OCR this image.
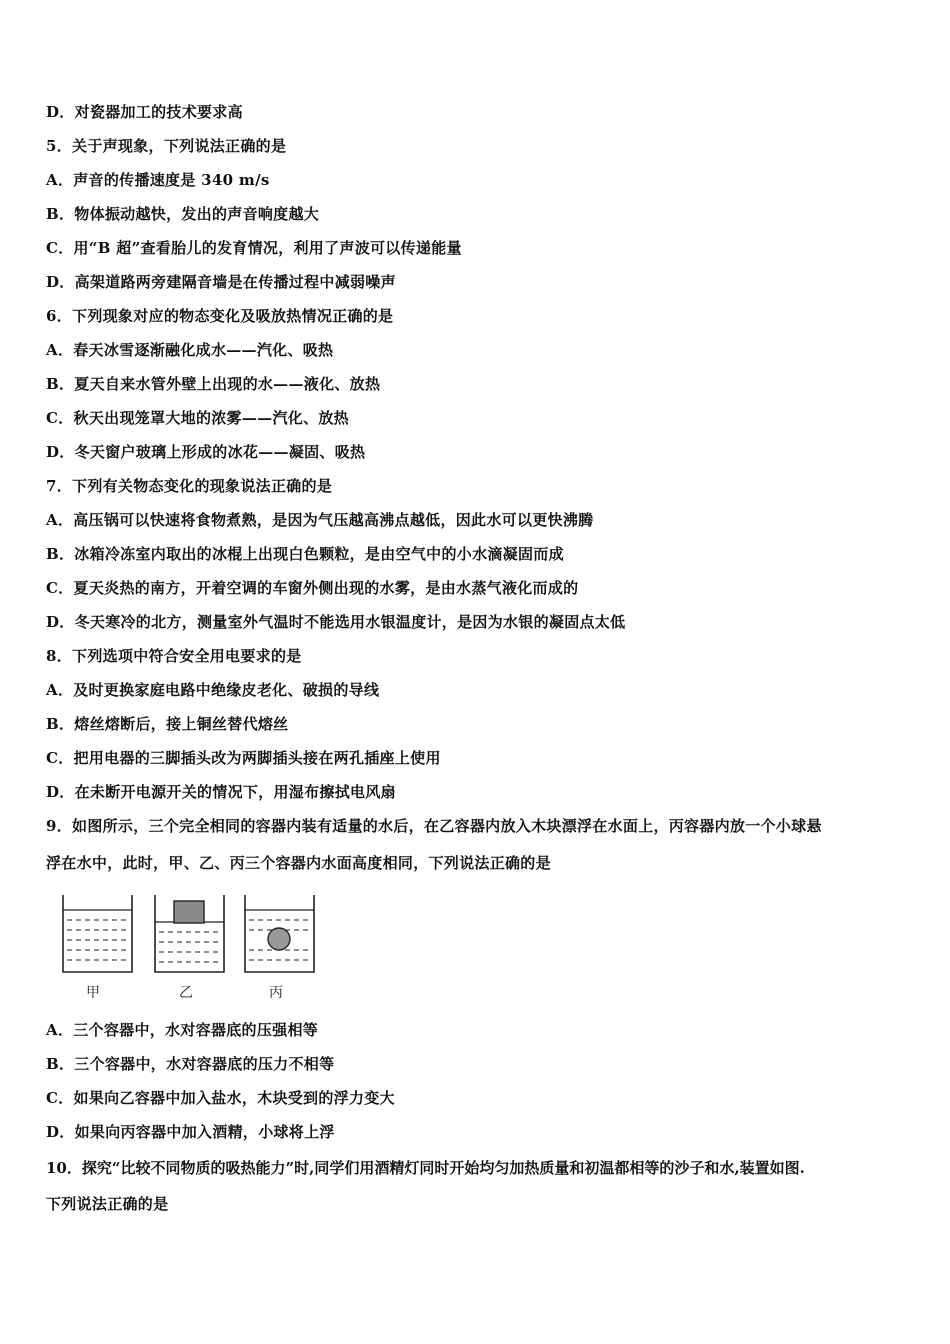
D．对瓷器加工的技术要求高
5．关于声现象，下列说法正确的是
A．声音的传播速度是 340 m/s
B．物体振动越快，发出的声音响度越大
C．用“B 超”查看胎儿的发育情况，利用了声波可以传递能量
D．高架道路两旁建隔音墙是在传播过程中减弱噪声
6．下列现象对应的物态变化及吸放热情况正确的是
A．春天冰雪逐渐融化成水——汽化、吸热
B．夏天自来水管外壁上出现的水——液化、放热
C．秋天出现笼罩大地的浓雾——汽化、放热
D．冬天窗户玻璃上形成的冰花——凝固、吸热
7．下列有关物态变化的现象说法正确的是
A．高压锅可以快速将食物煮熟，是因为气压越高沸点越低，因此水可以更快沸腾
B．冰箱冷冻室内取出的冰棍上出现白色颗粒，是由空气中的小水滴凝固而成
C．夏天炎热的南方，开着空调的车窗外侧出现的水雾，是由水蒸气液化而成的
D．冬天寒冷的北方，测量室外气温时不能选用水银温度计，是因为水银的凝固点太低
8．下列选项中符合安全用电要求的是
A．及时更换家庭电路中绝缘皮老化、破损的导线
B．熔丝熔断后，接上铜丝替代熔丝
C．把用电器的三脚插头改为两脚插头接在两孔插座上使用
D．在未断开电源开关的情况下，用湿布擦拭电风扇
9．如图所示，三个完全相同的容器内装有适量的水后，在乙容器内放入木块漂浮在水面上，丙容器内放一个小球悬
浮在水中，此时，甲、乙、丙三个容器内水面高度相同，下列说法正确的是
甲	乙	丙
A．三个容器中，水对容器底的压强相等
B．三个容器中，水对容器底的压力不相等
C．如果向乙容器中加入盐水，木块受到的浮力变大
D．如果向丙容器中加入酒精，小球将上浮
10．探究“比较不同物质的吸热能力”时,同学们用酒精灯同时开始均匀加热质量和初温都相等的沙子和水,装置如图.
下列说法正确的是
